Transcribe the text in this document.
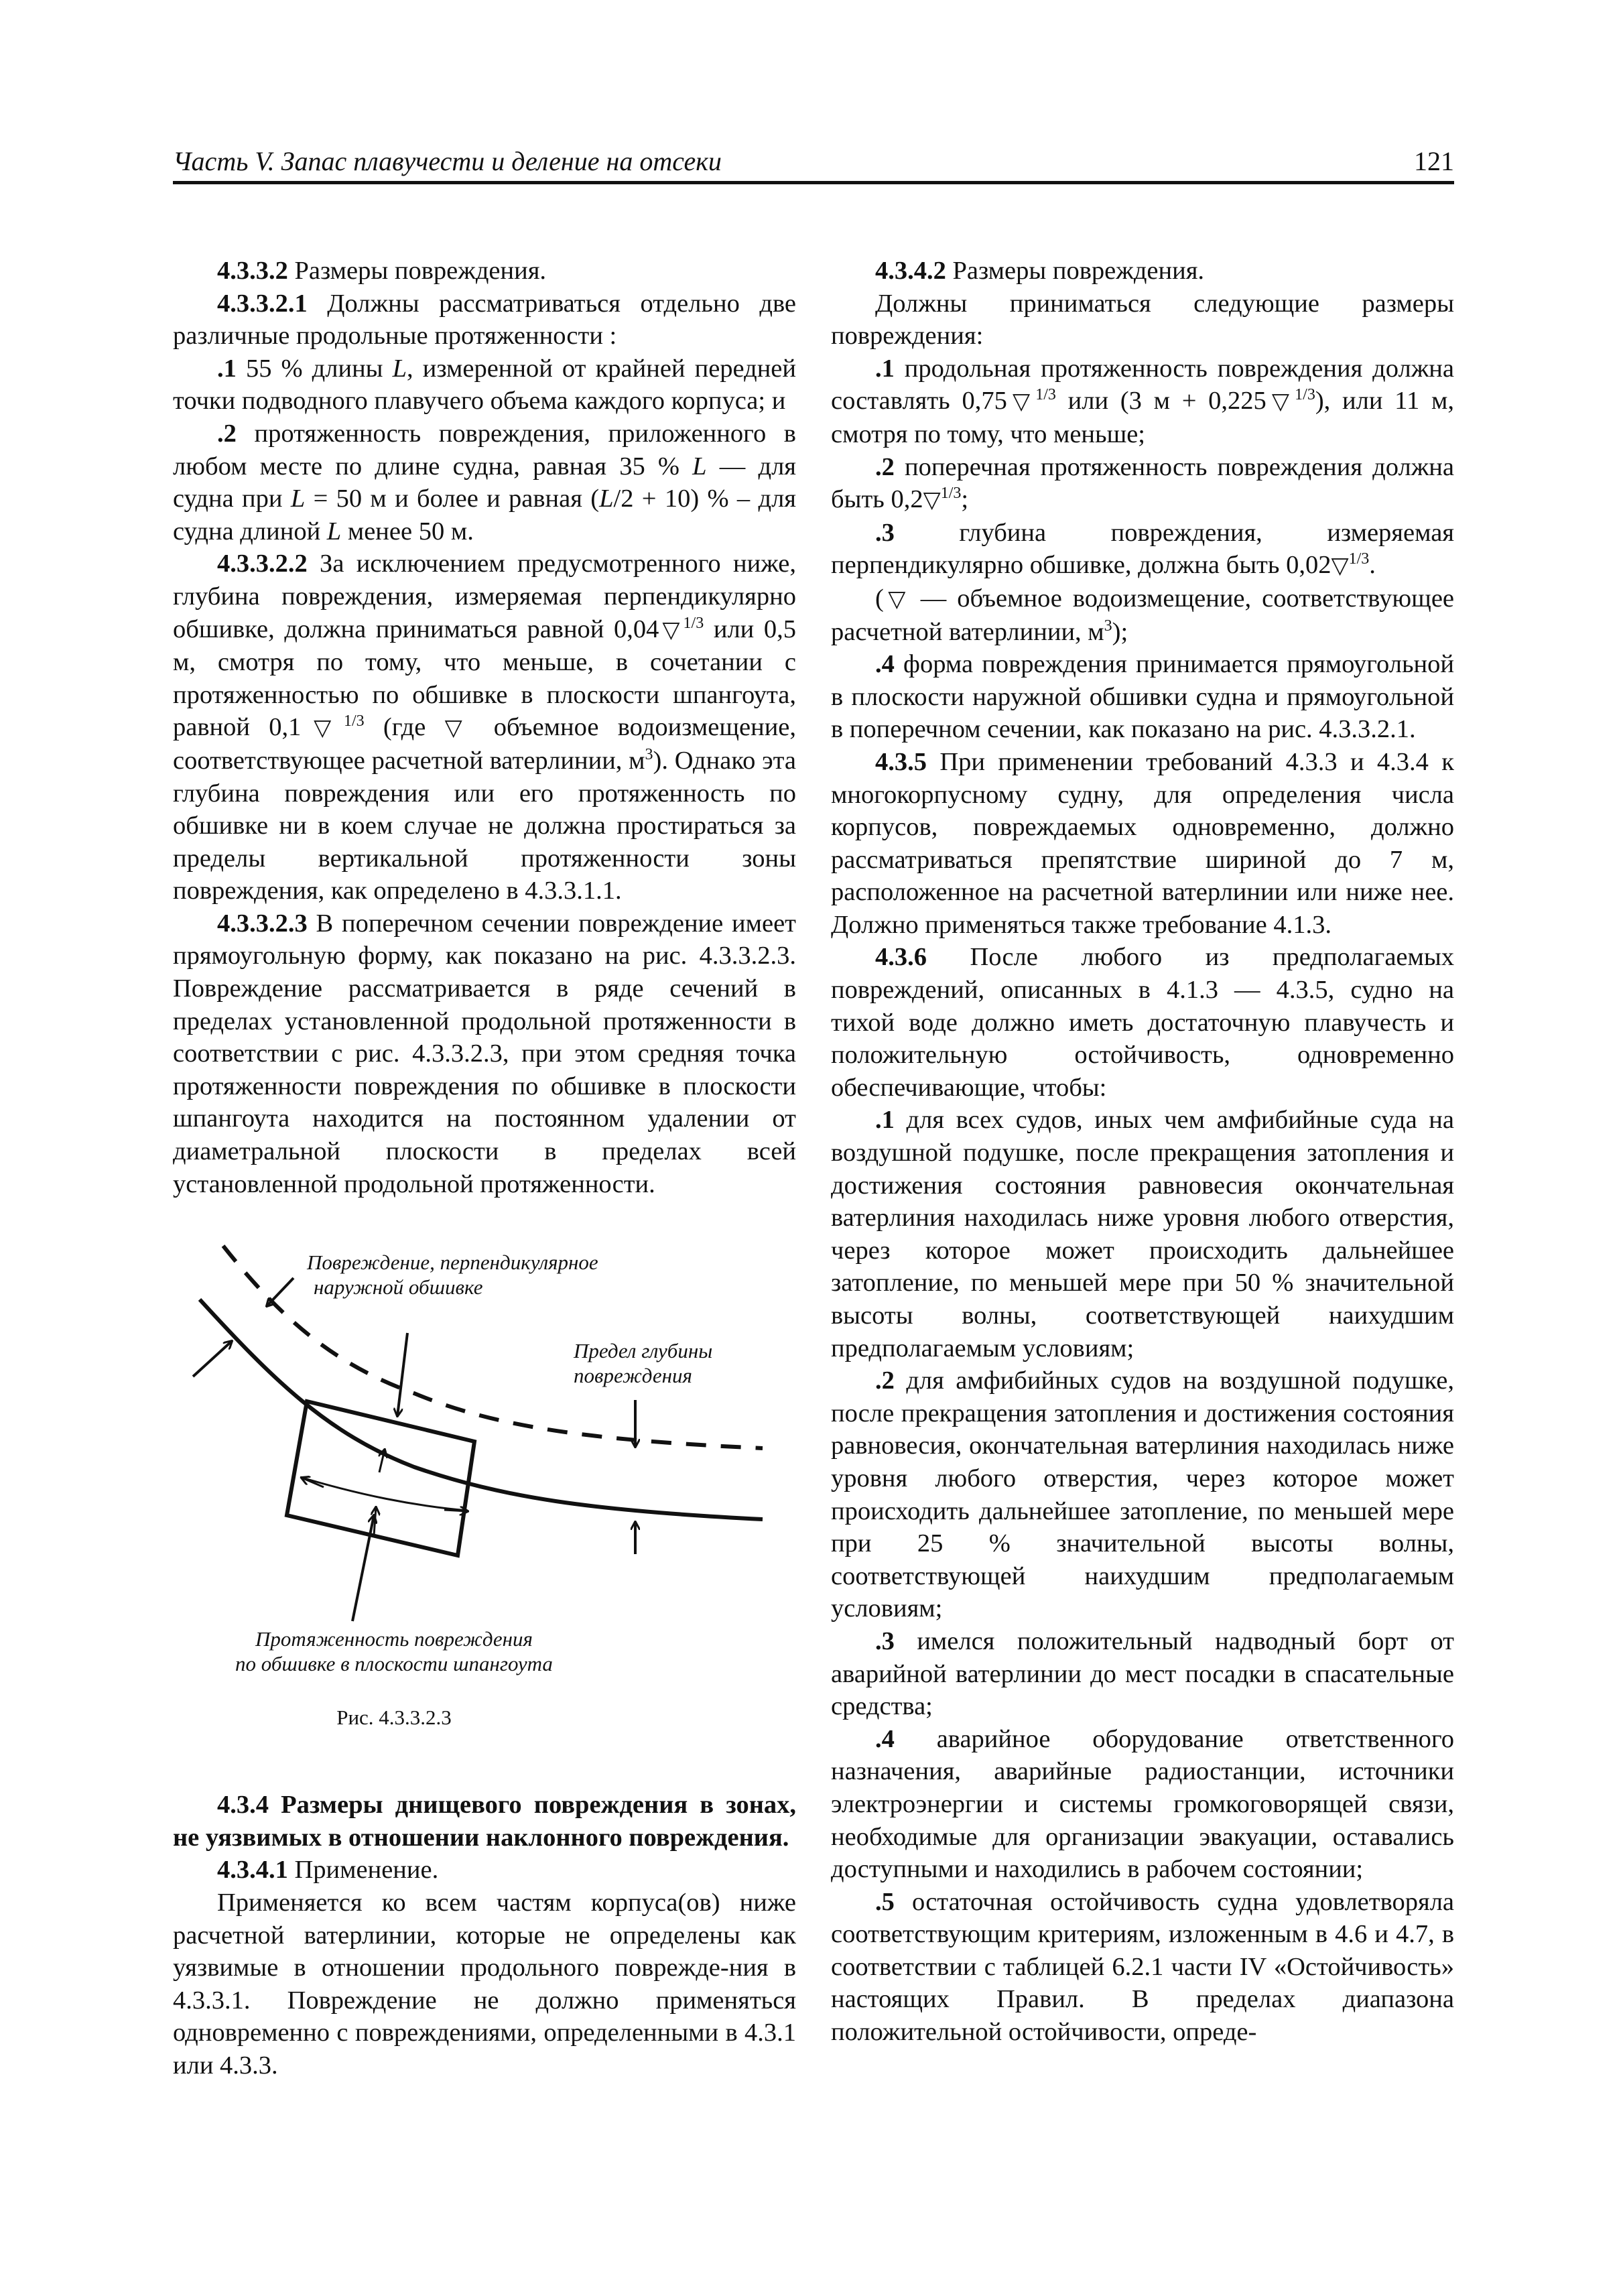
Часть V. Запас плавучести и деление на отсеки	121

4.3.3.2 Размеры повреждения.

4.3.3.2.1 Должны рассматриваться отдельно две различные продольные протяженности :

.1 55 % длины L, измеренной от крайней передней точки подводного плавучего объема каждого корпуса; и

.2 протяженность повреждения, приложенного в любом месте по длине судна, равная 35 % L — для судна при L = 50 м и более и равная (L/2 + 10) % – для судна длиной L менее 50 м.

4.3.3.2.2 За исключением предусмотренного ниже, глубина повреждения, измеряемая перпендикулярно обшивке, должна приниматься равной 0,04▽$^{1/3}$ или 0,5 м, смотря по тому, что меньше, в сочетании с протяженностью по обшивке в плоскости шпангоута, равной 0,1▽$^{1/3}$ (где ▽ объемное водоизмещение, соответствующее расчетной ватерлинии, $м^3$). Однако эта глубина повреждения или его протяженность по обшивке ни в коем случае не должна простираться за пределы вертикальной протяженности зоны повреждения, как определено в 4.3.3.1.1.

4.3.3.2.3 В поперечном сечении повреждение имеет прямоугольную форму, как показано на рис. 4.3.3.2.3. Повреждение рассматривается в ряде сечений в пределах установленной продольной протяженности в соответствии с рис. 4.3.3.2.3, при этом средняя точка протяженности повреждения по обшивке в плоскости шпангоута находится на постоянном удалении от диаметральной плоскости в пределах всей установленной продольной протяженности.

Повреждение, перпендикулярное
наружной обшивке
Предел глубины
повреждения
Протяженность повреждения
по обшивке в плоскости шпангоута
Рис. 4.3.3.2.3

4.3.4 Размеры днищевого повреждения в зонах, не уязвимых в отношении наклонного повреждения.

4.3.4.1 Применение.

Применяется ко всем частям корпуса(ов) ниже расчетной ватерлинии, которые не определены как уязвимые в отношении продольного поврежде-ния в 4.3.3.1. Повреждение не должно применяться одновременно с повреждениями, определенными в 4.3.1 или 4.3.3.

4.3.4.2 Размеры повреждения.

Должны приниматься следующие размеры повреждения:

.1 продольная протяженность повреждения должна составлять 0,75▽$^{1/3}$ или (3 м + 0,225▽$^{1/3}$), или 11 м, смотря по тому, что меньше;

.2 поперечная протяженность повреждения должна быть 0,2▽$^{1/3}$;

.3 глубина повреждения, измеряемая перпендикулярно обшивке, должна быть 0,02▽$^{1/3}$.

(▽ — объемное водоизмещение, соответствующее расчетной ватерлинии, $м^3$);

.4 форма повреждения принимается прямоугольной в плоскости наружной обшивки судна и прямоугольной в поперечном сечении, как показано на рис. 4.3.3.2.1.

4.3.5 При применении требований 4.3.3 и 4.3.4 к многокорпусному судну, для определения числа корпусов, повреждаемых одновременно, должно рассматриваться препятствие шириной до 7 м, расположенное на расчетной ватерлинии или ниже нее. Должно применяться также требование 4.1.3.

4.3.6 После любого из предполагаемых повреждений, описанных в 4.1.3 — 4.3.5, судно на тихой воде должно иметь достаточную плавучесть и положительную остойчивость, одновременно обеспечивающие, чтобы:

.1 для всех судов, иных чем амфибийные суда на воздушной подушке, после прекращения затопления и достижения состояния равновесия окончательная ватерлиния находилась ниже уровня любого отверстия, через которое может происходить дальнейшее затопление, по меньшей мере при 50 % значительной высоты волны, соответствующей наихудшим предполагаемым условиям;

.2 для амфибийных судов на воздушной подушке, после прекращения затопления и достижения состояния равновесия, окончательная ватерлиния находилась ниже уровня любого отверстия, через которое может происходить дальнейшее затопление, по меньшей мере при 25 % значительной высоты волны, соответствующей наихудшим предполагаемым условиям;

.3 имелся положительный надводный борт от аварийной ватерлинии до мест посадки в спасательные средства;

.4 аварийное оборудование ответственного назначения, аварийные радиостанции, источники электроэнергии и системы громкоговорящей связи, необходимые для организации эвакуации, оставались доступными и находились в рабочем состоянии;

.5 остаточная остойчивость судна удовлетворяла соответствующим критериям, изложенным в 4.6 и 4.7, в соответствии с таблицей 6.2.1 части IV «Остойчивость» настоящих Правил. В пределах диапазона положительной остойчивости, опреде-
